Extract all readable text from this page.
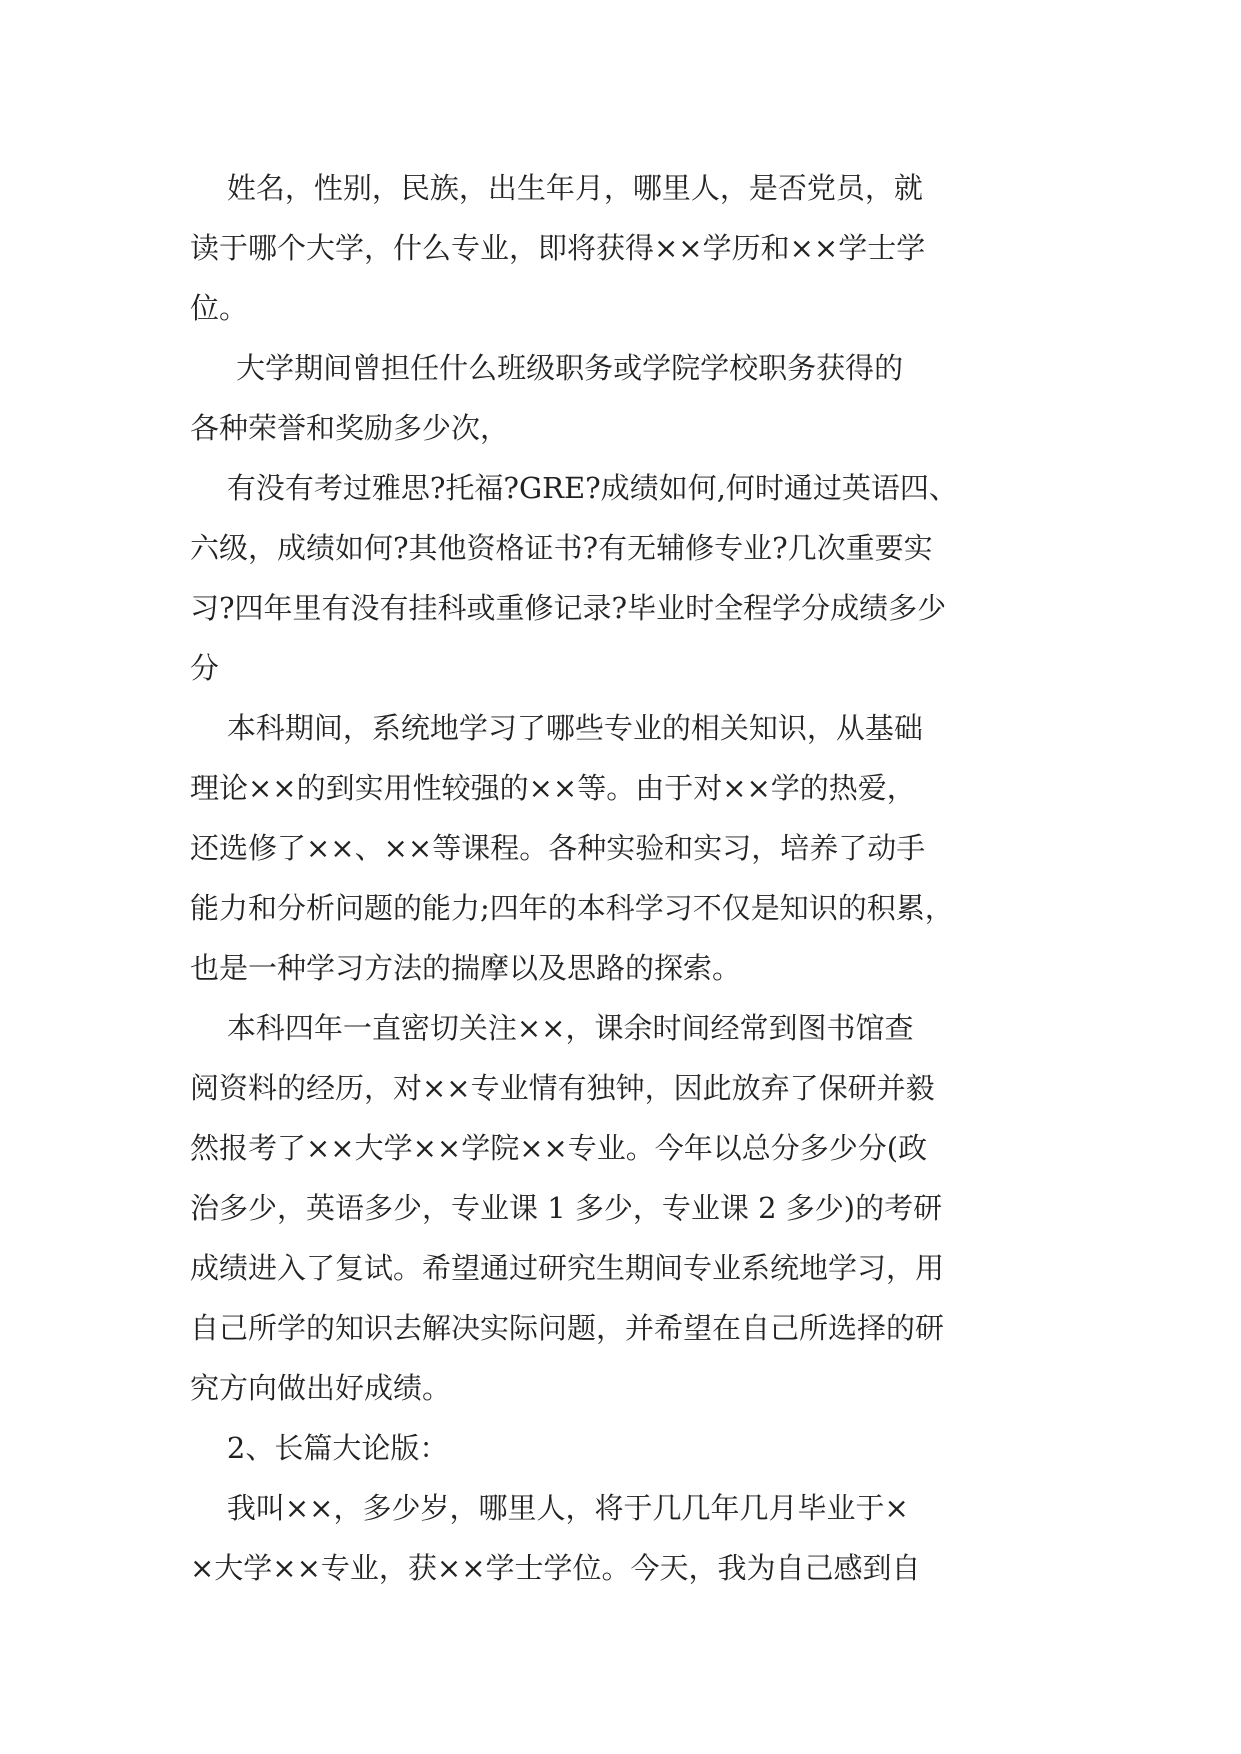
姓名，性别，民族，出生年月，哪里人，是否党员，就
读于哪个大学，什么专业，即将获得××学历和××学士学
位。
大学期间曾担任什么班级职务或学院学校职务获得的
各种荣誉和奖励多少次，
有没有考过雅思?托福?GRE?成绩如何,何时通过英语四、
六级，成绩如何?其他资格证书?有无辅修专业?几次重要实
习?四年里有没有挂科或重修记录?毕业时全程学分成绩多少
分
本科期间，系统地学习了哪些专业的相关知识，从基础
理论××的到实用性较强的××等。由于对××学的热爱，
还选修了××、××等课程。各种实验和实习，培养了动手
能力和分析问题的能力;四年的本科学习不仅是知识的积累，
也是一种学习方法的揣摩以及思路的探索。
本科四年一直密切关注××，课余时间经常到图书馆查
阅资料的经历，对××专业情有独钟，因此放弃了保研并毅
然报考了××大学××学院××专业。今年以总分多少分(政
治多少，英语多少，专业课 1 多少，专业课 2 多少)的考研
成绩进入了复试。希望通过研究生期间专业系统地学习，用
自己所学的知识去解决实际问题，并希望在自己所选择的研
究方向做出好成绩。
2、长篇大论版：
我叫××，多少岁，哪里人，将于几几年几月毕业于×
×大学××专业，获××学士学位。今天，我为自己感到自
